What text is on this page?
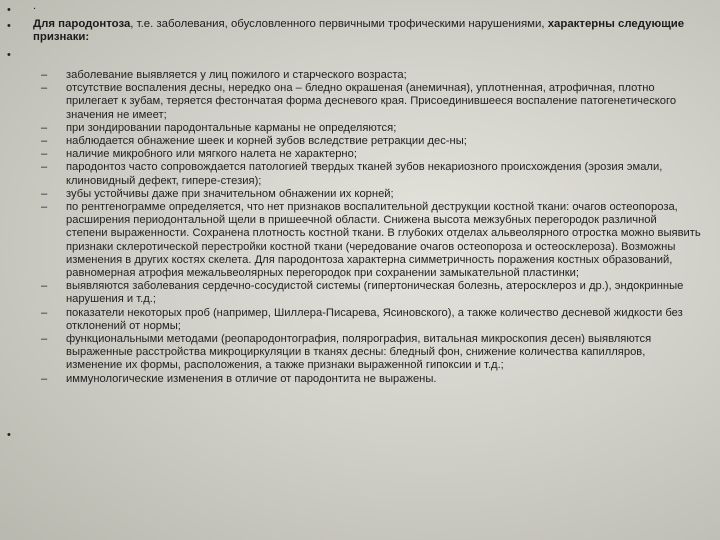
•
•
•
•
.
Для пародонтоза, т.е. заболевания, обусловленного первичными трофическими нарушениями, характерны следующие признаки:
– заболевание выявляется у лиц пожилого и старческого возраста;
– отсутствие воспаления десны, нередко она – бледно окрашеная (анемичная), уплотненная, атрофичная, плотно прилегает к зубам, теряется фестончатая форма десневого края. Присоединившееся воспаление патогенетического значения не имеет;
– при зондировании пародонтальные карманы не определяются;
– наблюдается обнажение шеек и корней зубов вследствие ретракции дес-ны;
– наличие микробного или мягкого налета не характерно;
– пародонтоз часто сопровождается патологией твердых тканей зубов некариозного происхождения (эрозия эмали, клиновидный дефект, гипере-стезия);
– зубы устойчивы даже при значительном обнажении их корней;
– по рентгенограмме определяется, что нет признаков воспалительной деструкции костной ткани: очагов остеопороза, расширения периодонтальной щели в пришеечной области. Снижена высота межзубных перегородок различной степени выраженности. Сохранена плотность костной ткани. В глубоких отделах альвеолярного отростка можно выявить признаки склеротической перестройки костной ткани (чередование очагов остеопороза и остеосклероза). Возможны изменения в других костях скелета. Для пародонтоза характерна симметричность поражения костных образований, равномерная атрофия межальвеолярных перегородок при сохранении замыкательной пластинки;
– выявляются заболевания сердечно-сосудистой системы (гипертоническая болезнь, атеросклероз и др.), эндокринные нарушения и т.д.;
– показатели некоторых проб (например, Шиллера-Писарева, Ясиновского), а также количество десневой жидкости без отклонений от нормы;
– функциональными методами (реопародонтография, полярография, витальная микроскопия десен) выявляются выраженные расстройства микроциркуляции в тканях десны: бледный фон, снижение количества капилляров, изменение их формы, расположения, а также признаки выраженной гипоксии и т.д.;
– иммунологические изменения в отличие от пародонтита не выражены.
